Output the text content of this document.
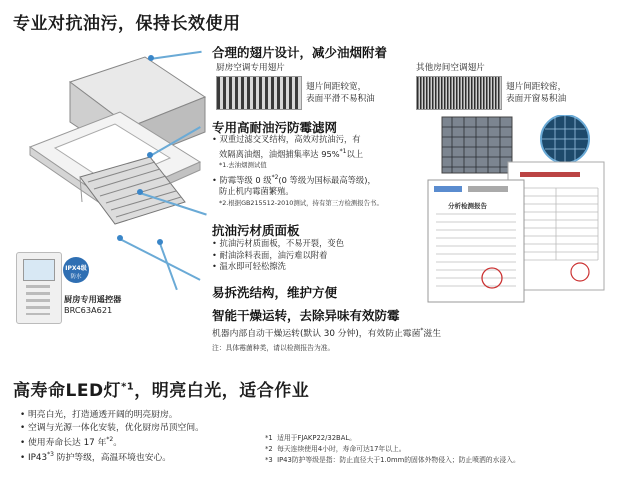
专业对抗油污，保持长效使用
IPX4级
防水
厨房专用遥控器
BRC63A621
合理的翅片设计，减少油烟附着
厨房空调专用翅片
翅片间距较宽，
表面平滑不易积油
其他房间空调翅片
翅片间距较密，
表面开窗易积油
专用高耐油污防霉滤网
• 双重过滤交叉结构，高效对抗油污，有
效隔离油烟，油烟捕集率达 95%$^{*1}$以上
*1.去油烟测试值
• 防霉等级 0 级$^{*2}$(0 等级为国标最高等级)，
防止机内霉菌繁殖。
*2.根据GB215512-2010测试，持有第三方检测报告书。	分析检测报告
抗油污材质面板
• 抗油污材质面板，不易开裂，变色
• 耐油涂料表面，油污难以附着
• 温水即可轻松擦洗
易拆洗结构，维护方便
智能干燥运转，去除异味有效防霉
机器内部自动干燥运转(默认 30 分钟)，有效防止霉菌*滋生
注：具体霉菌种类，请以检测报告为准。
高寿命LED灯$^{*1}$，明亮白光，适合作业
• 明亮白光，打造通透开阔的明亮厨房。
• 空调与光源一体化安装，优化厨房吊顶空间。
• 使用寿命长达 17 年$^{*2}$。
• IP43$^{*3}$ 防护等级，高温环境也安心。
*1 适用于FJAKP22/32BAL。
*2 每天连续使用4小时，寿命可达17年以上。
*3 IP43防护等级是指：防止直径大于1.0mm的固体外物侵入；防止喷洒的水浸入。
